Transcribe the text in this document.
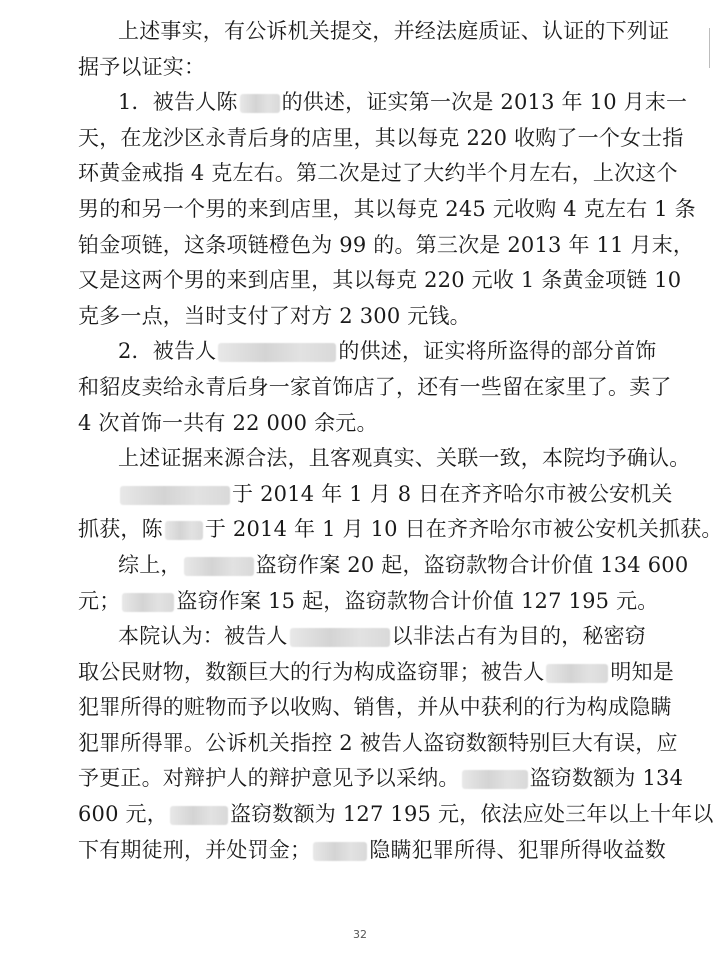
上述事实，有公诉机关提交，并经法庭质证、认证的下列证
据予以证实：
1．被告人陈 的供述，证实第一次是 2013 年 10 月末一
天，在龙沙区永青后身的店里，其以每克 220 收购了一个女士指
环黄金戒指 4 克左右。第二次是过了大约半个月左右，上次这个
男的和另一个男的来到店里，其以每克 245 元收购 4 克左右 1 条
铂金项链，这条项链橙色为 99 的。第三次是 2013 年 11 月末，
又是这两个男的来到店里，其以每克 220 元收 1 条黄金项链 10
克多一点，当时支付了对方 2 300 元钱。
2．被告人	的供述，证实将所盗得的部分首饰
和貂皮卖给永青后身一家首饰店了，还有一些留在家里了。卖了
4 次首饰一共有 22 000 余元。
上述证据来源合法，且客观真实、关联一致，本院均予确认。
于 2014 年 1 月 8 日在齐齐哈尔市被公安机关
抓获，陈 于 2014 年 1 月 10 日在齐齐哈尔市被公安机关抓获。
综上，	盗窃作案 20 起，盗窃款物合计价值 134 600
元；	盗窃作案 15 起，盗窃款物合计价值 127 195 元。
本院认为：被告人	以非法占有为目的，秘密窃
取公民财物，数额巨大的行为构成盗窃罪；被告人	明知是
犯罪所得的赃物而予以收购、销售，并从中获利的行为构成隐瞒
犯罪所得罪。公诉机关指控 2 被告人盗窃数额特别巨大有误，应
予更正。对辩护人的辩护意见予以采纳。	盗窃数额为 134
600 元，	盗窃数额为 127 195 元，依法应处三年以上十年以
下有期徒刑，并处罚金；	隐瞒犯罪所得、犯罪所得收益数
32
